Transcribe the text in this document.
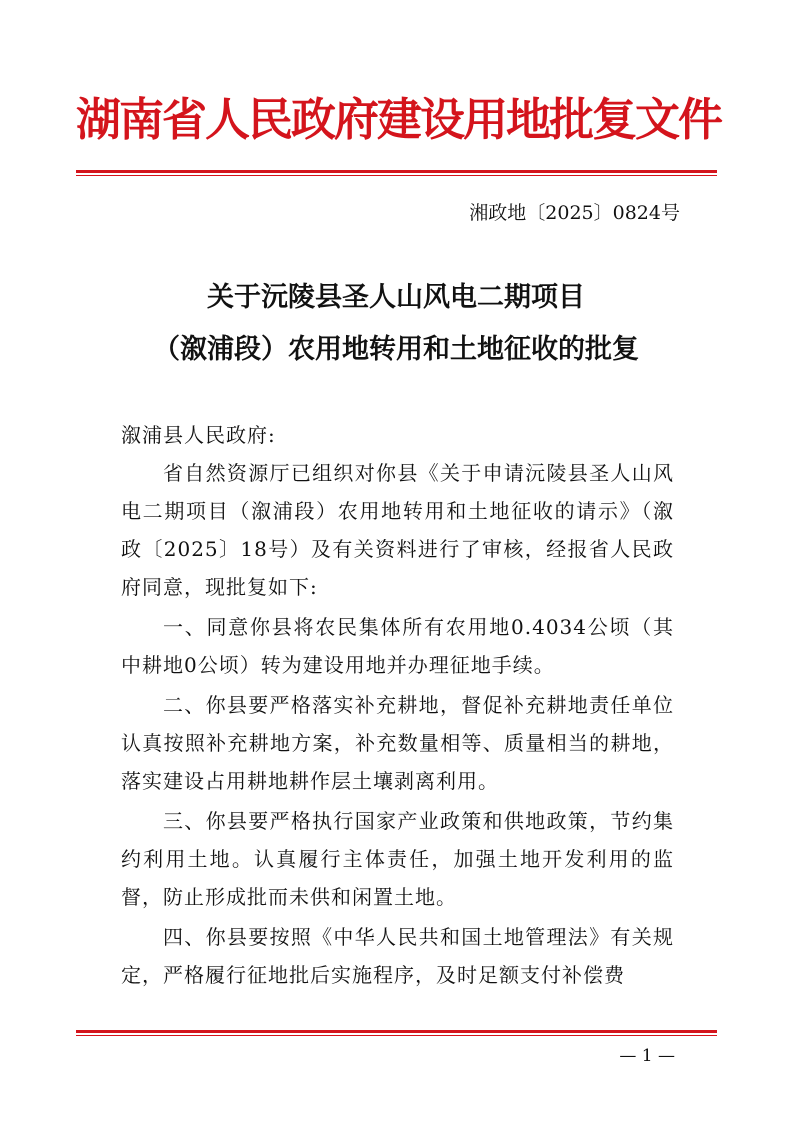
湖南省人民政府建设用地批复文件
湘政地〔2025〕0824号
关于沅陵县圣人山风电二期项目
（溆浦段）农用地转用和土地征收的批复

溆浦县人民政府:

省自然资源厅已组织对你县《关于申请沅陵县圣人山风电二期项目（溆浦段）农用地转用和土地征收的请示》（溆政〔2025〕18号）及有关资料进行了审核，经报省人民政府同意，现批复如下:

一、同意你县将农民集体所有农用地0.4034公顷（其中耕地0公顷）转为建设用地并办理征地手续。

二、你县要严格落实补充耕地，督促补充耕地责任单位认真按照补充耕地方案，补充数量相等、质量相当的耕地，落实建设占用耕地耕作层土壤剥离利用。

三、你县要严格执行国家产业政策和供地政策，节约集约利用土地。认真履行主体责任，加强土地开发利用的监督，防止形成批而未供和闲置土地。

四、你县要按照《中华人民共和国土地管理法》有关规定，严格履行征地批后实施程序，及时足额支付补偿费

— 1 —
